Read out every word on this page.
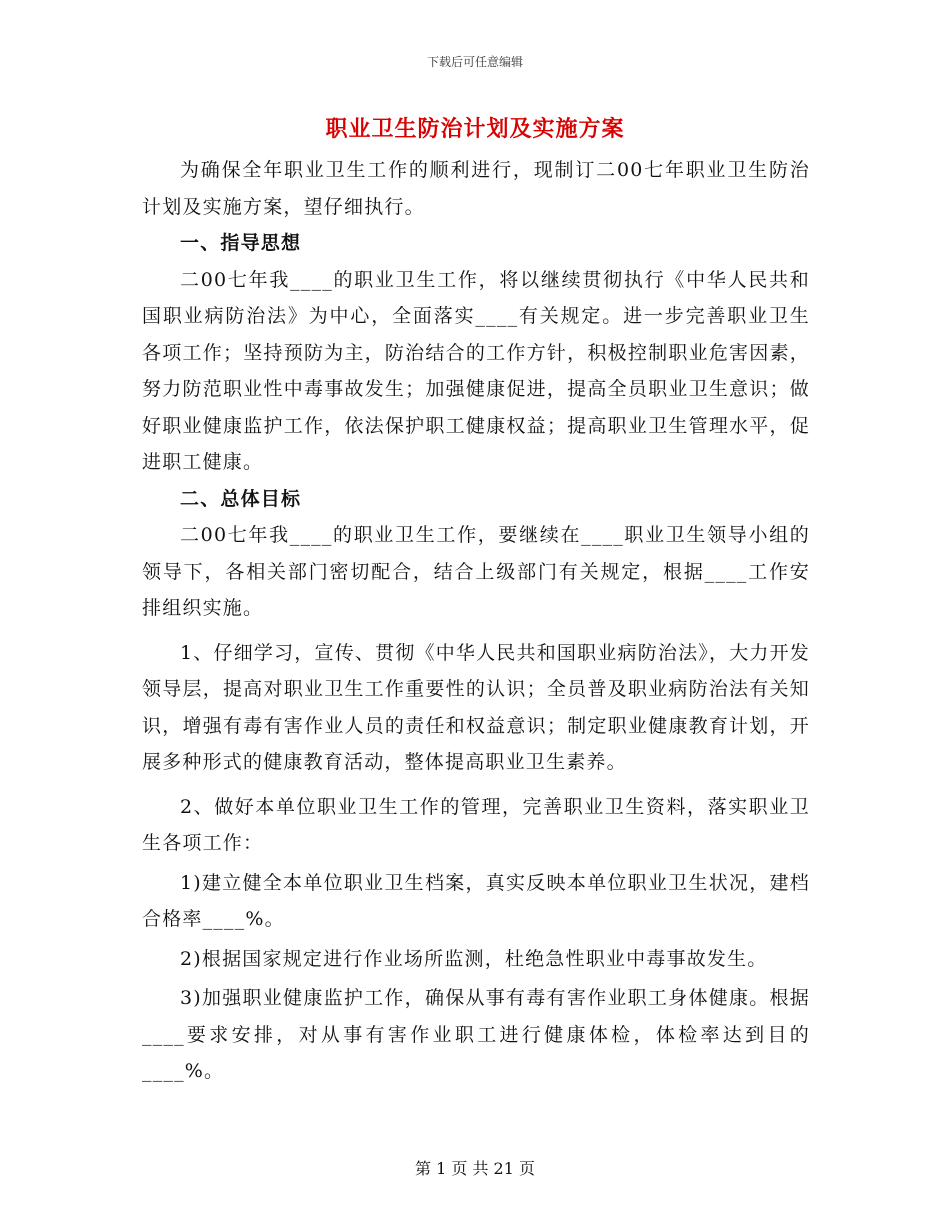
下载后可任意编辑
职业卫生防治计划及实施方案

为确保全年职业卫生工作的顺利进行，现制订二00七年职业卫生防治计划及实施方案，望仔细执行。

一、指导思想

二00七年我____的职业卫生工作，将以继续贯彻执行《中华人民共和国职业病防治法》为中心，全面落实____有关规定。进一步完善职业卫生各项工作；坚持预防为主，防治结合的工作方针，积极控制职业危害因素，努力防范职业性中毒事故发生；加强健康促进，提高全员职业卫生意识；做好职业健康监护工作，依法保护职工健康权益；提高职业卫生管理水平，促进职工健康。

二、总体目标

二00七年我____的职业卫生工作，要继续在____职业卫生领导小组的领导下，各相关部门密切配合，结合上级部门有关规定，根据____工作安排组织实施。

1、仔细学习，宣传、贯彻《中华人民共和国职业病防治法》，大力开发领导层，提高对职业卫生工作重要性的认识；全员普及职业病防治法有关知识，增强有毒有害作业人员的责任和权益意识；制定职业健康教育计划，开展多种形式的健康教育活动，整体提高职业卫生素养。

2、做好本单位职业卫生工作的管理，完善职业卫生资料，落实职业卫生各项工作：

1)建立健全本单位职业卫生档案，真实反映本单位职业卫生状况，建档合格率____%。

2)根据国家规定进行作业场所监测，杜绝急性职业中毒事故发生。

3)加强职业健康监护工作，确保从事有毒有害作业职工身体健康。根据____要求安排，对从事有害作业职工进行健康体检，体检率达到目的____%。

第 1 页 共 21 页
